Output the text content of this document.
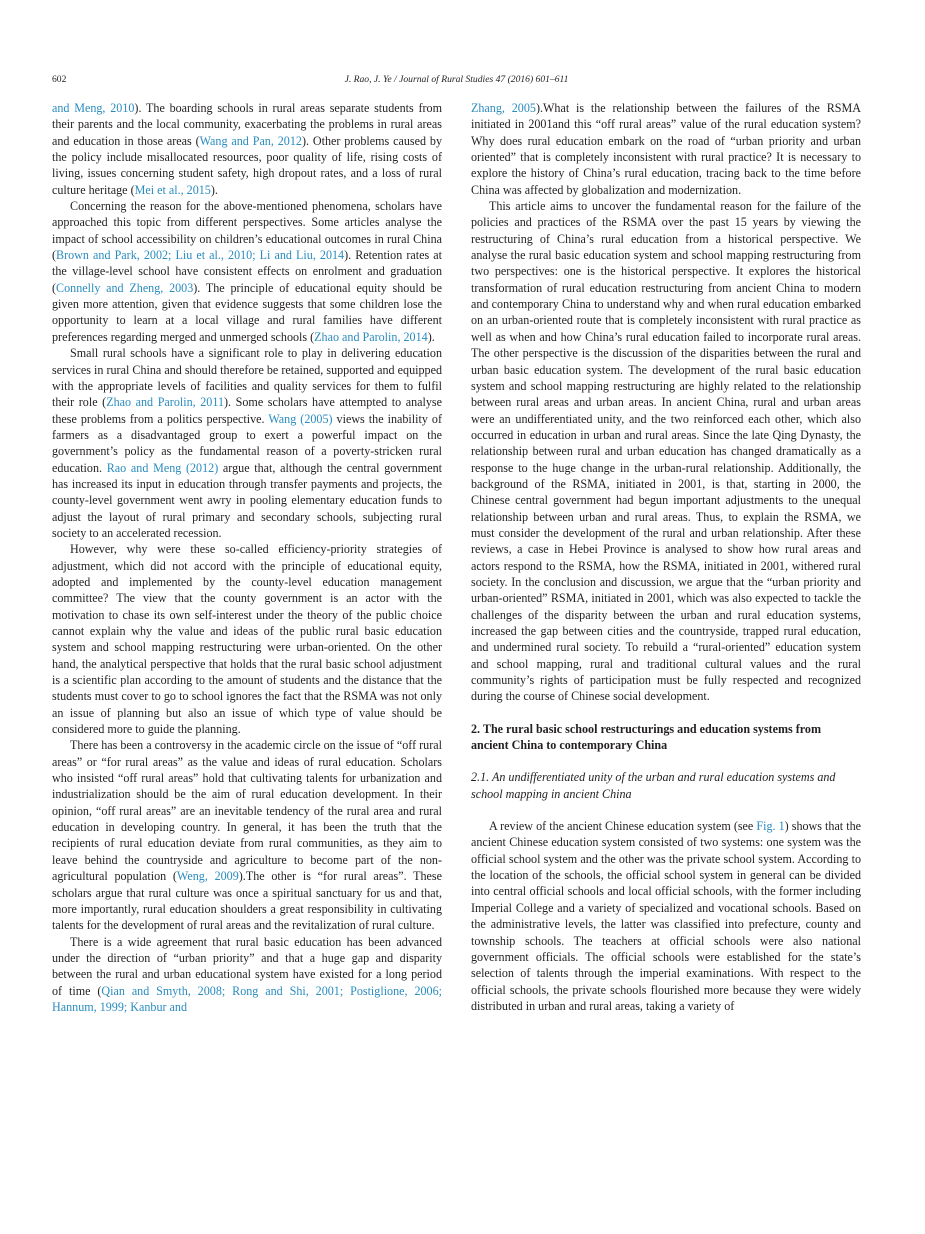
602	J. Rao, J. Ye / Journal of Rural Studies 47 (2016) 601–611

and Meng, 2010). The boarding schools in rural areas separate students from their parents and the local community, exacerbating the problems in rural areas and education in those areas (Wang and Pan, 2012). Other problems caused by the policy include misallocated resources, poor quality of life, rising costs of living, issues concerning student safety, high dropout rates, and a loss of rural culture heritage (Mei et al., 2015).

Concerning the reason for the above-mentioned phenomena, scholars have approached this topic from different perspectives. Some articles analyse the impact of school accessibility on children’s educational outcomes in rural China (Brown and Park, 2002; Liu et al., 2010; Li and Liu, 2014). Retention rates at the village-level school have consistent effects on enrolment and graduation (Connelly and Zheng, 2003). The principle of educational equity should be given more attention, given that evidence suggests that some children lose the opportunity to learn at a local village and rural families have different preferences regarding merged and unmerged schools (Zhao and Parolin, 2014).

Small rural schools have a significant role to play in delivering education services in rural China and should therefore be retained, supported and equipped with the appropriate levels of facilities and quality services for them to fulfil their role (Zhao and Parolin, 2011). Some scholars have attempted to analyse these problems from a politics perspective. Wang (2005) views the inability of farmers as a disadvantaged group to exert a powerful impact on the government’s policy as the fundamental reason of a poverty-stricken rural education. Rao and Meng (2012) argue that, although the central government has increased its input in education through transfer payments and projects, the county-level government went awry in pooling elementary education funds to adjust the layout of rural primary and secondary schools, subjecting rural society to an accelerated recession.

However, why were these so-called efficiency-priority strategies of adjustment, which did not accord with the principle of educational equity, adopted and implemented by the county-level education management committee? The view that the county government is an actor with the motivation to chase its own self-interest under the theory of the public choice cannot explain why the value and ideas of the public rural basic education system and school mapping restructuring were urban-oriented. On the other hand, the analytical perspective that holds that the rural basic school adjustment is a scientific plan according to the amount of students and the distance that the students must cover to go to school ignores the fact that the RSMA was not only an issue of planning but also an issue of which type of value should be considered more to guide the planning.

There has been a controversy in the academic circle on the issue of “off rural areas” or “for rural areas” as the value and ideas of rural education. Scholars who insisted “off rural areas” hold that cultivating talents for urbanization and industrialization should be the aim of rural education development. In their opinion, “off rural areas” are an inevitable tendency of the rural area and rural education in developing country. In general, it has been the truth that the recipients of rural education deviate from rural communities, as they aim to leave behind the countryside and agriculture to become part of the non-agricultural population (Weng, 2009).The other is “for rural areas”. These scholars argue that rural culture was once a spiritual sanctuary for us and that, more importantly, rural education shoulders a great responsibility in cultivating talents for the development of rural areas and the revitalization of rural culture.

There is a wide agreement that rural basic education has been advanced under the direction of “urban priority” and that a huge gap and disparity between the rural and urban educational system have existed for a long period of time (Qian and Smyth, 2008; Rong and Shi, 2001; Postiglione, 2006; Hannum, 1999; Kanbur and

Zhang, 2005).What is the relationship between the failures of the RSMA initiated in 2001and this “off rural areas” value of the rural education system? Why does rural education embark on the road of “urban priority and urban oriented” that is completely inconsistent with rural practice? It is necessary to explore the history of China’s rural education, tracing back to the time before China was affected by globalization and modernization.

This article aims to uncover the fundamental reason for the failure of the policies and practices of the RSMA over the past 15 years by viewing the restructuring of China’s rural education from a historical perspective. We analyse the rural basic education system and school mapping restructuring from two perspectives: one is the historical perspective. It explores the historical transformation of rural education restructuring from ancient China to modern and contemporary China to understand why and when rural education embarked on an urban-oriented route that is completely inconsistent with rural practice as well as when and how China’s rural education failed to incorporate rural areas. The other perspective is the discussion of the disparities between the rural and urban basic education system. The development of the rural basic education system and school mapping restructuring are highly related to the relationship between rural areas and urban areas. In ancient China, rural and urban areas were an undifferentiated unity, and the two reinforced each other, which also occurred in education in urban and rural areas. Since the late Qing Dynasty, the relationship between rural and urban education has changed dramatically as a response to the huge change in the urban-rural relationship. Additionally, the background of the RSMA, initiated in 2001, is that, starting in 2000, the Chinese central government had begun important adjustments to the unequal relationship between urban and rural areas. Thus, to explain the RSMA, we must consider the development of the rural and urban relationship. After these reviews, a case in Hebei Province is analysed to show how rural areas and actors respond to the RSMA, how the RSMA, initiated in 2001, withered rural society. In the conclusion and discussion, we argue that the “urban priority and urban-oriented” RSMA, initiated in 2001, which was also expected to tackle the challenges of the disparity between the urban and rural education systems, increased the gap between cities and the countryside, trapped rural education, and undermined rural society. To rebuild a “rural-oriented” education system and school mapping, rural and traditional cultural values and the rural community’s rights of participation must be fully respected and recognized during the course of Chinese social development.

2. The rural basic school restructurings and education systems from ancient China to contemporary China
2.1. An undifferentiated unity of the urban and rural education systems and school mapping in ancient China

A review of the ancient Chinese education system (see Fig. 1) shows that the ancient Chinese education system consisted of two systems: one system was the official school system and the other was the private school system. According to the location of the schools, the official school system in general can be divided into central official schools and local official schools, with the former including Imperial College and a variety of specialized and vocational schools. Based on the administrative levels, the latter was classified into prefecture, county and township schools. The teachers at official schools were also national government officials. The official schools were established for the state’s selection of talents through the imperial examinations. With respect to the official schools, the private schools flourished more because they were widely distributed in urban and rural areas, taking a variety of
